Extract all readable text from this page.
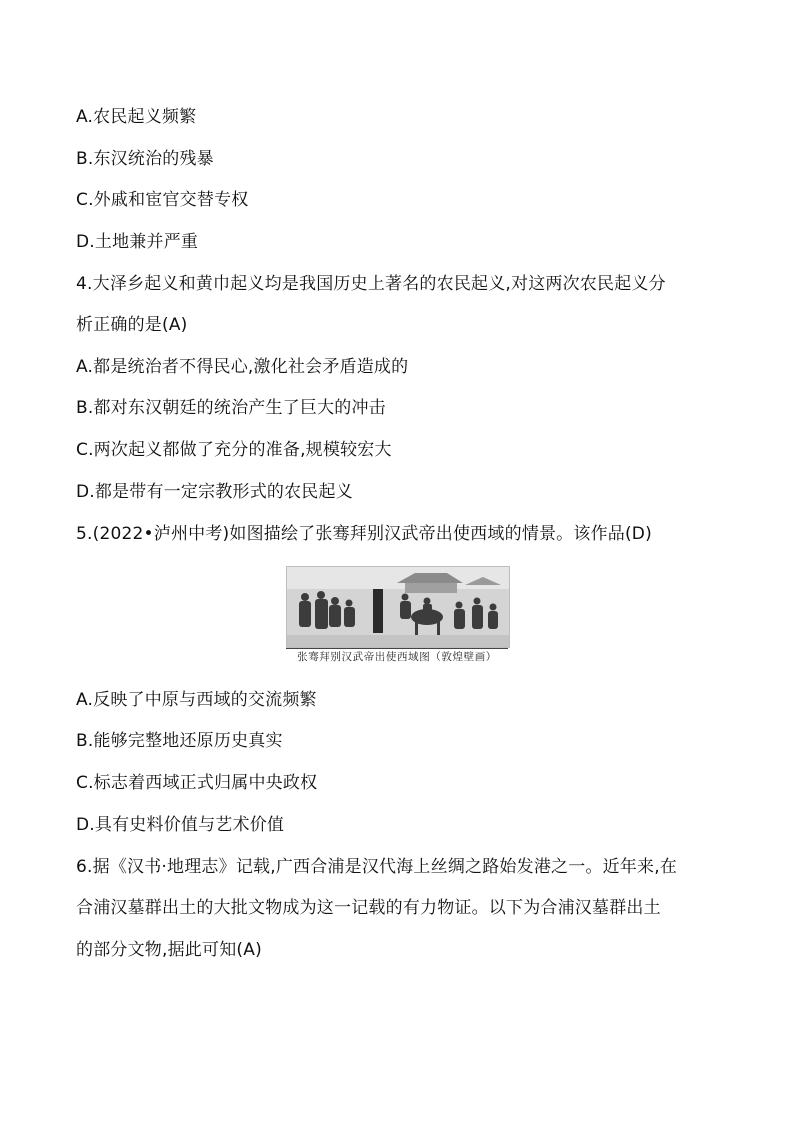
A.农民起义频繁
B.东汉统治的残暴
C.外戚和宦官交替专权
D.土地兼并严重
4.大泽乡起义和黄巾起义均是我国历史上著名的农民起义,对这两次农民起义分
析正确的是(A)
A.都是统治者不得民心,激化社会矛盾造成的
B.都对东汉朝廷的统治产生了巨大的冲击
C.两次起义都做了充分的准备,规模较宏大
D.都是带有一定宗教形式的农民起义
5.(2022•泸州中考)如图描绘了张骞拜别汉武帝出使西域的情景。该作品(D)
张骞拜别汉武帝出使西域图（敦煌壁画）
A.反映了中原与西域的交流频繁
B.能够完整地还原历史真实
C.标志着西域正式归属中央政权
D.具有史料价值与艺术价值
6.据《汉书·地理志》记载,广西合浦是汉代海上丝绸之路始发港之一。近年来,在
合浦汉墓群出土的大批文物成为这一记载的有力物证。以下为合浦汉墓群出土
的部分文物,据此可知(A)
